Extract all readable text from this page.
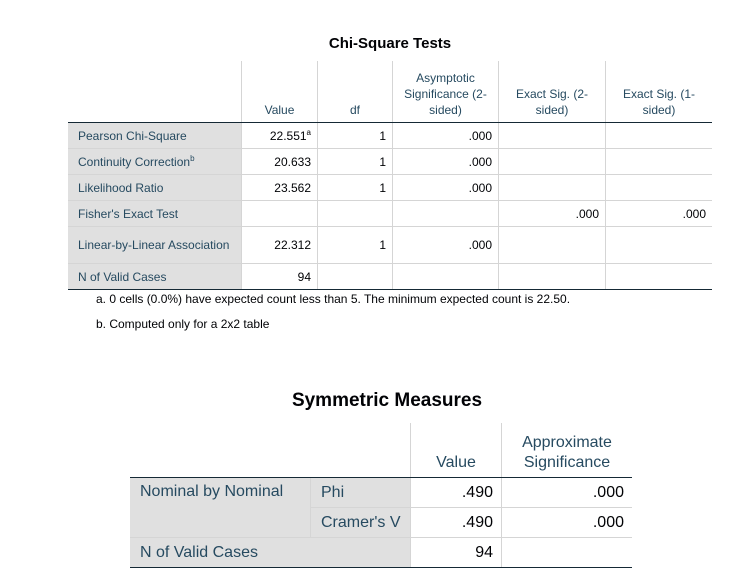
Chi-Square Tests
	Value	df	Asymptotic Significance (2-sided)	Exact Sig. (2-sided)	Exact Sig. (1-sided)
Pearson Chi-Square	22.551$^a$	1	.000		
Continuity Correction$^b$	20.633	1	.000		
Likelihood Ratio	23.562	1	.000		
Fisher's Exact Test				.000	.000
Linear-by-Linear Association	22.312	1	.000		
N of Valid Cases	94				
a. 0 cells (0.0%) have expected count less than 5. The minimum expected count is 22.50.
b. Computed only for a 2x2 table
Symmetric Measures
		Value	Approximate Significance
Nominal by Nominal	Phi	.490	.000
	Cramer's V	.490	.000
N of Valid Cases		94	
